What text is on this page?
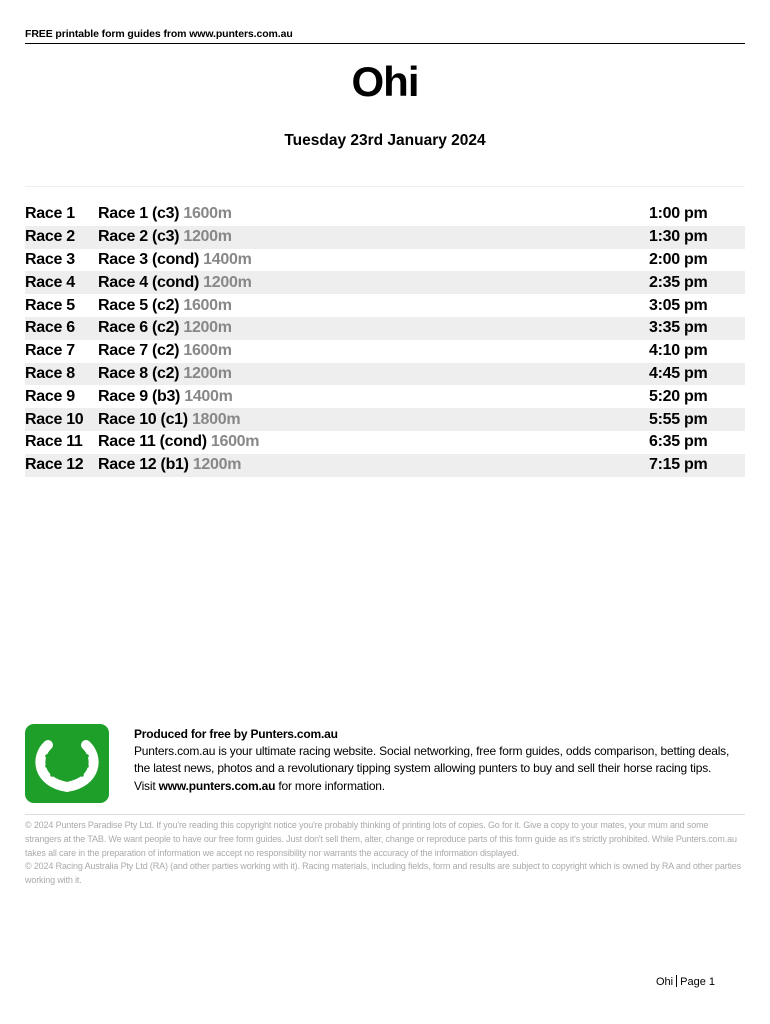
FREE printable form guides from www.punters.com.au
Ohi
Tuesday 23rd January 2024
Race 1	Race 1 (c3) 1600m	1:00 pm
Race 2	Race 2 (c3) 1200m	1:30 pm
Race 3	Race 3 (cond) 1400m	2:00 pm
Race 4	Race 4 (cond) 1200m	2:35 pm
Race 5	Race 5 (c2) 1600m	3:05 pm
Race 6	Race 6 (c2) 1200m	3:35 pm
Race 7	Race 7 (c2) 1600m	4:10 pm
Race 8	Race 8 (c2) 1200m	4:45 pm
Race 9	Race 9 (b3) 1400m	5:20 pm
Race 10 Race 10 (c1) 1800m	5:55 pm
Race 11 Race 11 (cond) 1600m	6:35 pm
Race 12 Race 12 (b1) 1200m	7:15 pm
Produced for free by Punters.com.au
Punters.com.au is your ultimate racing website. Social networking, free form guides, odds comparison, betting deals, the latest news, photos and a revolutionary tipping system allowing punters to buy and sell their horse racing tips.
Visit www.punters.com.au for more information.

© 2024 Punters Paradise Pty Ltd. If you're reading this copyright notice you're probably thinking of printing lots of copies. Go for it. Give a copy to your mates, your mum and some strangers at the TAB. We want people to have our free form guides. Just don't sell them, alter, change or reproduce parts of this form guide as it's strictly prohibited. While Punters.com.au takes all care in the preparation of information we accept no responsibility nor warrants the accuracy of the information displayed.

© 2024 Racing Australia Pty Ltd (RA) (and other parties working with it). Racing materials, including fields, form and results are subject to copyright which is owned by RA and other parties working with it.

Ohi Page 1
